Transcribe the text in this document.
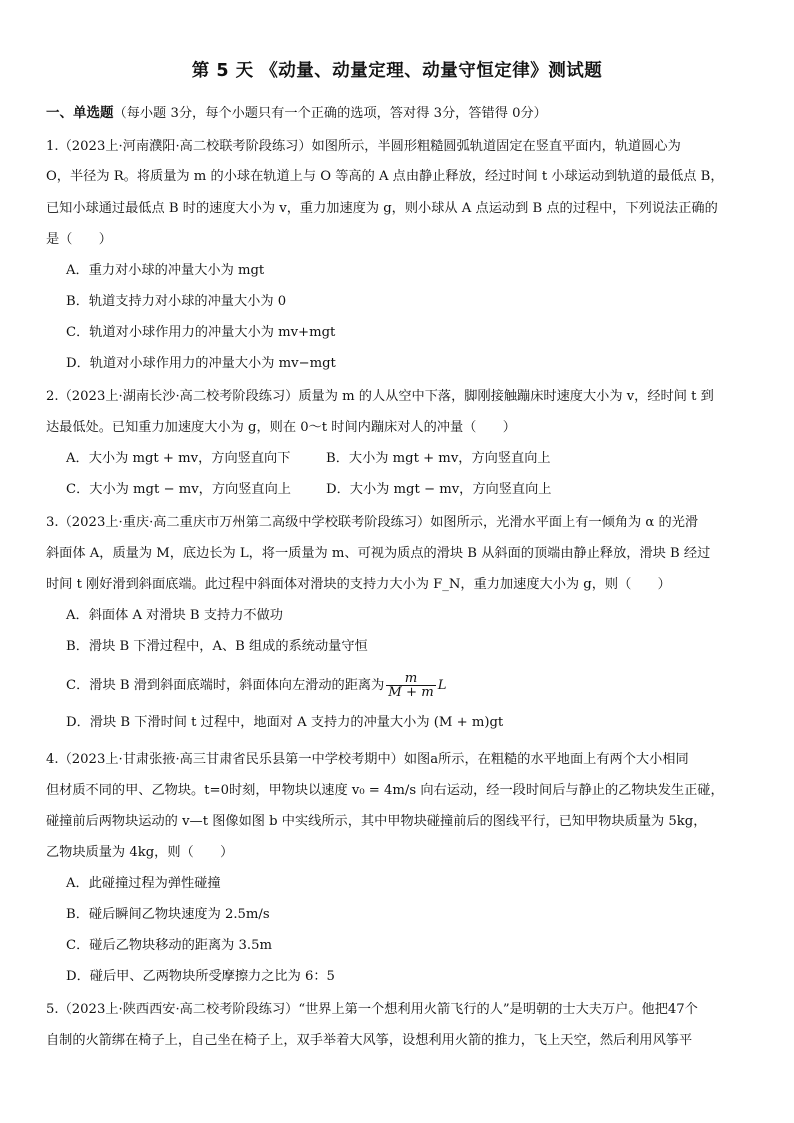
第 5 天 《动量、动量定理、动量守恒定律》测试题
一、单选题（每小题 3分，每个小题只有一个正确的选项，答对得 3分，答错得 0分）
1.（2023上·河南濮阳·高二校联考阶段练习）如图所示，半圆形粗糙圆弧轨道固定在竖直平面内，轨道圆心为
O，半径为 R。将质量为 m 的小球在轨道上与 O 等高的 A 点由静止释放，经过时间 t 小球运动到轨道的最低点 B，
已知小球通过最低点 B 时的速度大小为 v，重力加速度为 g，则小球从 A 点运动到 B 点的过程中，下列说法正确的
是（　　）
A．重力对小球的冲量大小为 mgt
B．轨道支持力对小球的冲量大小为 0
C．轨道对小球作用力的冲量大小为 mv+mgt
D．轨道对小球作用力的冲量大小为 mv−mgt
2.（2023上·湖南长沙·高二校考阶段练习）质量为 m 的人从空中下落，脚刚接触蹦床时速度大小为 v，经时间 t 到
达最低处。已知重力加速度大小为 g，则在 0～t 时间内蹦床对人的冲量（　　）
A．大小为 mgt + mv，方向竖直向下	B．大小为 mgt + mv，方向竖直向上
C．大小为 mgt − mv，方向竖直向上	D．大小为 mgt − mv，方向竖直向上
3.（2023上·重庆·高二重庆市万州第二高级中学校联考阶段练习）如图所示，光滑水平面上有一倾角为 α 的光滑
斜面体 A，质量为 M，底边长为 L，将一质量为 m、可视为质点的滑块 B 从斜面的顶端由静止释放，滑块 B 经过
时间 t 刚好滑到斜面底端。此过程中斜面体对滑块的支持力大小为 F_N，重力加速度大小为 g，则（　　）
A．斜面体 A 对滑块 B 支持力不做功
B．滑块 B 下滑过程中，A、B 组成的系统动量守恒
C．滑块 B 滑到斜面底端时，斜面体向左滑动的距离为 $\frac{m}{M + m}$ L
D．滑块 B 下滑时间 t 过程中，地面对 A 支持力的冲量大小为 (M + m)gt
4.（2023上·甘肃张掖·高三甘肃省民乐县第一中学校考期中）如图a所示，在粗糙的水平地面上有两个大小相同
但材质不同的甲、乙物块。t=0时刻，甲物块以速度 v₀ = 4m/s 向右运动，经一段时间后与静止的乙物块发生正碰，
碰撞前后两物块运动的 v—t 图像如图 b 中实线所示，其中甲物块碰撞前后的图线平行，已知甲物块质量为 5kg，
乙物块质量为 4kg，则（　　）
A．此碰撞过程为弹性碰撞
B．碰后瞬间乙物块速度为 2.5m/s
C．碰后乙物块移动的距离为 3.5m
D．碰后甲、乙两物块所受摩擦力之比为 6：5
5.（2023上·陕西西安·高二校考阶段练习）“世界上第一个想利用火箭飞行的人”是明朝的士大夫万户。他把47个
自制的火箭绑在椅子上，自己坐在椅子上，双手举着大风筝，设想利用火箭的推力，飞上天空，然后利用风筝平
